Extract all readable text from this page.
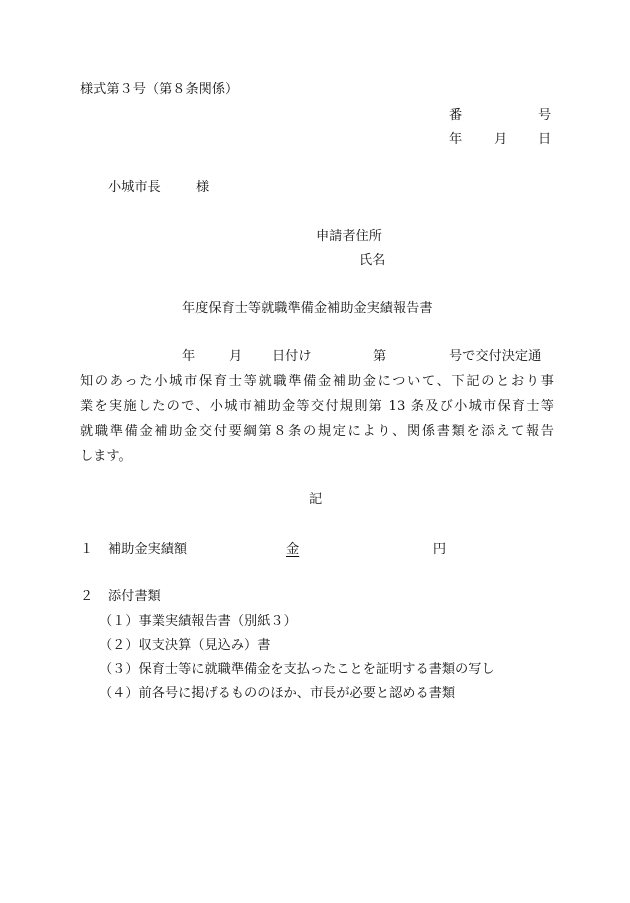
様式第３号（第８条関係）
番	号
年 月 日
小城市長	様
申請者住所
氏名
年度保育士等就職準備金補助金実績報告書
年	月 日付け	第	号で交付決定通
知のあった小城市保育士等就職準備金補助金について、下記のとおり事
業を実施したので、小城市補助金等交付規則第 13 条及び小城市保育士等
就職準備金補助金交付要綱第８条の規定により、関係書類を添えて報告
します。
記
１ 補助金実績額	金	円
２ 添付書類
（１）事業実績報告書（別紙３）
（２）収支決算（見込み）書
（３）保育士等に就職準備金を支払ったことを証明する書類の写し
（４）前各号に掲げるもののほか、市長が必要と認める書類
